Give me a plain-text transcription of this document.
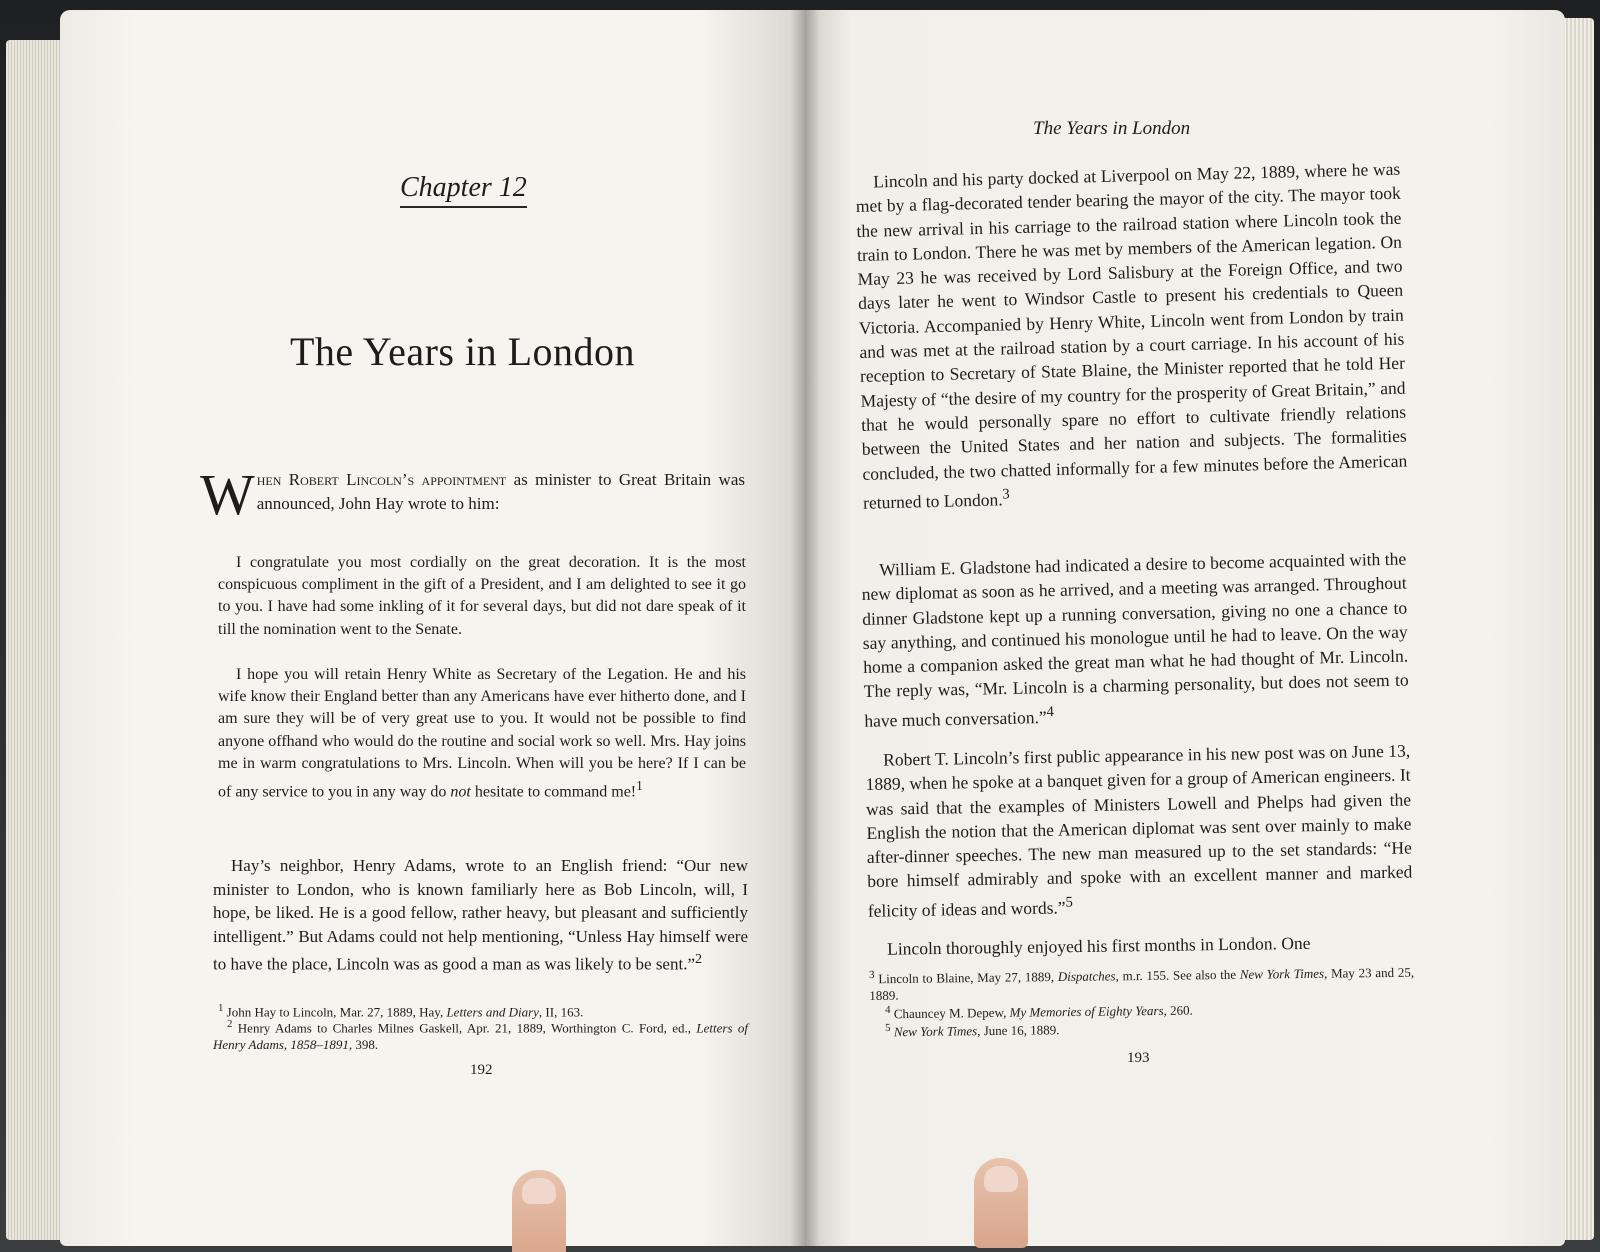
Chapter 12
The Years in London

When Robert Lincoln’s appointment as minister to Great Britain was announced, John Hay wrote to him:

I congratulate you most cordially on the great decoration. It is the most conspicuous compliment in the gift of a President, and I am delighted to see it go to you. I have had some inkling of it for several days, but did not dare speak of it till the nomination went to the Senate.

I hope you will retain Henry White as Secretary of the Legation. He and his wife know their England better than any Americans have ever hitherto done, and I am sure they will be of very great use to you. It would not be possible to find anyone offhand who would do the routine and social work so well. Mrs. Hay joins me in warm congratulations to Mrs. Lincoln. When will you be here? If I can be of any service to you in any way do not hesitate to command me!$^1$

Hay’s neighbor, Henry Adams, wrote to an English friend: “Our new minister to London, who is known familiarly here as Bob Lincoln, will, I hope, be liked. He is a good fellow, rather heavy, but pleasant and sufficiently intelligent.” But Adams could not help mentioning, “Unless Hay himself were to have the place, Lincoln was as good a man as was likely to be sent.”$^2$

$^1$ John Hay to Lincoln, Mar. 27, 1889, Hay, Letters and Diary, II, 163.

$^2$ Henry Adams to Charles Milnes Gaskell, Apr. 21, 1889, Worthington C. Ford, ed., Letters of Henry Adams, 1858–1891, 398.

192

The Years in London

Lincoln and his party docked at Liverpool on May 22, 1889, where he was met by a flag-decorated tender bearing the mayor of the city. The mayor took the new arrival in his carriage to the railroad station where Lincoln took the train to London. There he was met by members of the American legation. On May 23 he was received by Lord Salisbury at the Foreign Office, and two days later he went to Windsor Castle to present his credentials to Queen Victoria. Accompanied by Henry White, Lincoln went from London by train and was met at the railroad station by a court carriage. In his account of his reception to Secretary of State Blaine, the Minister reported that he told Her Majesty of “the desire of my country for the prosperity of Great Britain,” and that he would personally spare no effort to cultivate friendly relations between the United States and her nation and subjects. The formalities concluded, the two chatted informally for a few minutes before the American returned to London.$^3$

William E. Gladstone had indicated a desire to become acquainted with the new diplomat as soon as he arrived, and a meeting was arranged. Throughout dinner Gladstone kept up a running conversation, giving no one a chance to say anything, and continued his monologue until he had to leave. On the way home a companion asked the great man what he had thought of Mr. Lincoln. The reply was, “Mr. Lincoln is a charming personality, but does not seem to have much conversation.”$^4$

Robert T. Lincoln’s first public appearance in his new post was on June 13, 1889, when he spoke at a banquet given for a group of American engineers. It was said that the examples of Ministers Lowell and Phelps had given the English the notion that the American diplomat was sent over mainly to make after-dinner speeches. The new man measured up to the set standards: “He bore himself admirably and spoke with an excellent manner and marked felicity of ideas and words.”$^5$

Lincoln thoroughly enjoyed his first months in London. One

$^3$ Lincoln to Blaine, May 27, 1889, Dispatches, m.r. 155. See also the New York Times, May 23 and 25, 1889.

$^4$ Chauncey M. Depew, My Memories of Eighty Years, 260.

$^5$ New York Times, June 16, 1889.

193
